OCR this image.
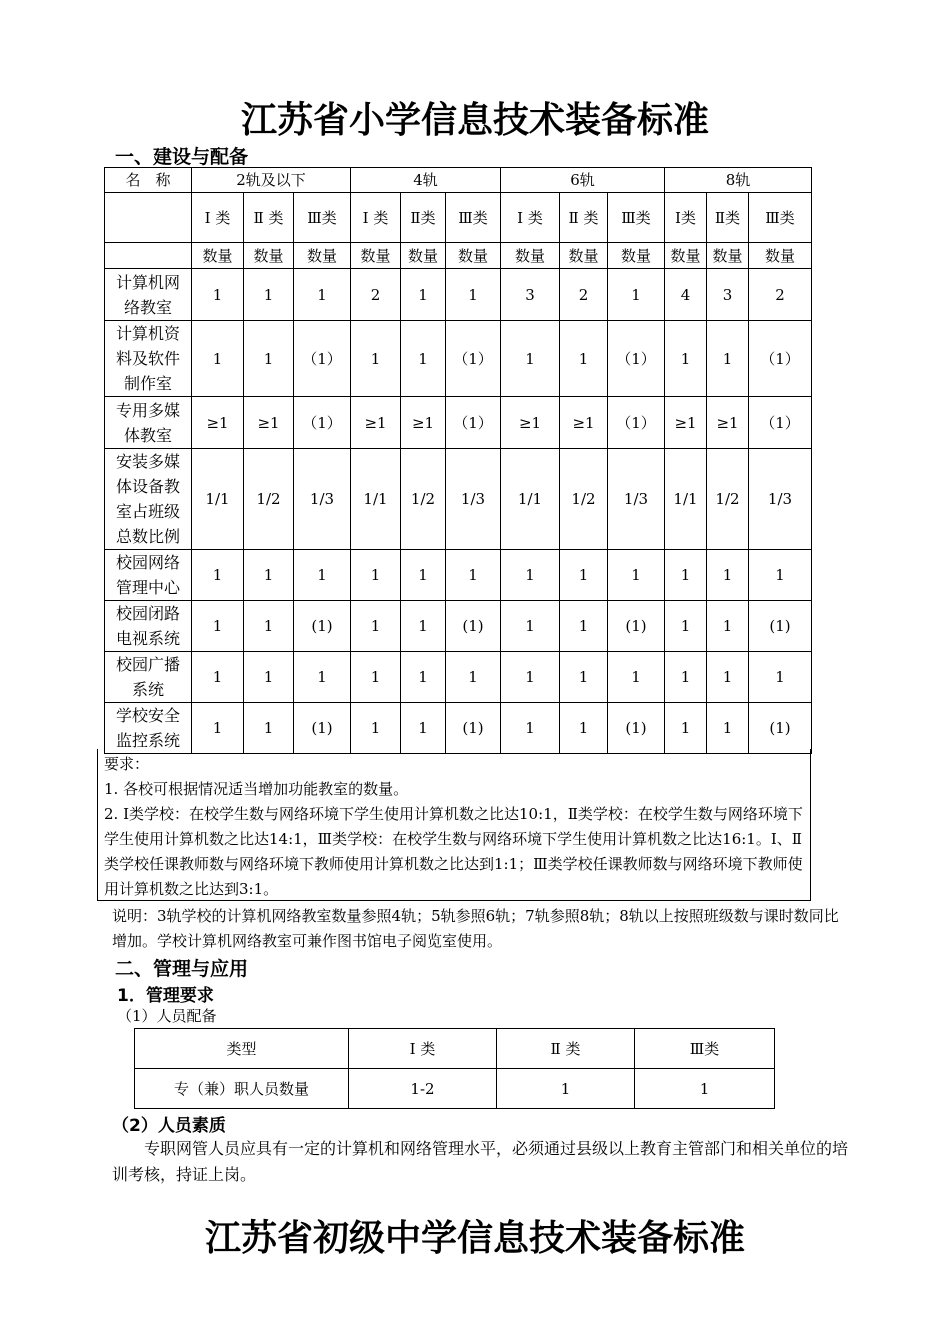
江苏省小学信息技术装备标准
一、建设与配备
名　称	2轨及以下			4轨			6轨			8轨		
	Ⅰ 类	Ⅱ 类	Ⅲ类	Ⅰ 类	Ⅱ类	Ⅲ类	Ⅰ 类	Ⅱ 类	Ⅲ类	Ⅰ类	Ⅱ类	Ⅲ类
	数量	数量	数量	数量	数量	数量	数量	数量	数量	数量	数量	数量
计算机网络教室	1	1	1	2	1	1	3	2	1	4	3	2
计算机资料及软件制作室	1	1	（1）	1	1	（1）	1	1	（1）	1	1	（1）
专用多媒体教室	≥1	≥1	（1）	≥1	≥1	（1）	≥1	≥1	（1）	≥1	≥1	（1）
安装多媒体设备教室占班级总数比例	1/1	1/2	1/3	1/1	1/2	1/3	1/1	1/2	1/3	1/1	1/2	1/3
校园网络管理中心	1	1	1	1	1	1	1	1	1	1	1	1
校园闭路电视系统	1	1	(1)	1	1	(1)	1	1	(1)	1	1	(1)
校园广播系统	1	1	1	1	1	1	1	1	1	1	1	1
学校安全监控系统	1	1	(1)	1	1	(1)	1	1	(1)	1	1	(1)
要求：
1. 各校可根据情况适当增加功能教室的数量。
2. Ⅰ类学校：在校学生数与网络环境下学生使用计算机数之比达10:1，Ⅱ类学校：在校学生数与网络环境下学生使用计算机数之比达14:1，Ⅲ类学校：在校学生数与网络环境下学生使用计算机数之比达16:1。Ⅰ、Ⅱ类学校任课教师数与网络环境下教师使用计算机数之比达到1:1；Ⅲ类学校任课教师数与网络环境下教师使用计算机数之比达到3:1。
说明：3轨学校的计算机网络教室数量参照4轨；5轨参照6轨；7轨参照8轨；8轨以上按照班级数与课时数同比增加。学校计算机网络教室可兼作图书馆电子阅览室使用。
二、管理与应用
1．管理要求
（1）人员配备
类型	Ⅰ 类	Ⅱ 类	Ⅲ类
专（兼）职人员数量	1-2	1	1
（2）人员素质
专职网管人员应具有一定的计算机和网络管理水平，必须通过县级以上教育主管部门和相关单位的培训考核，持证上岗。
江苏省初级中学信息技术装备标准
